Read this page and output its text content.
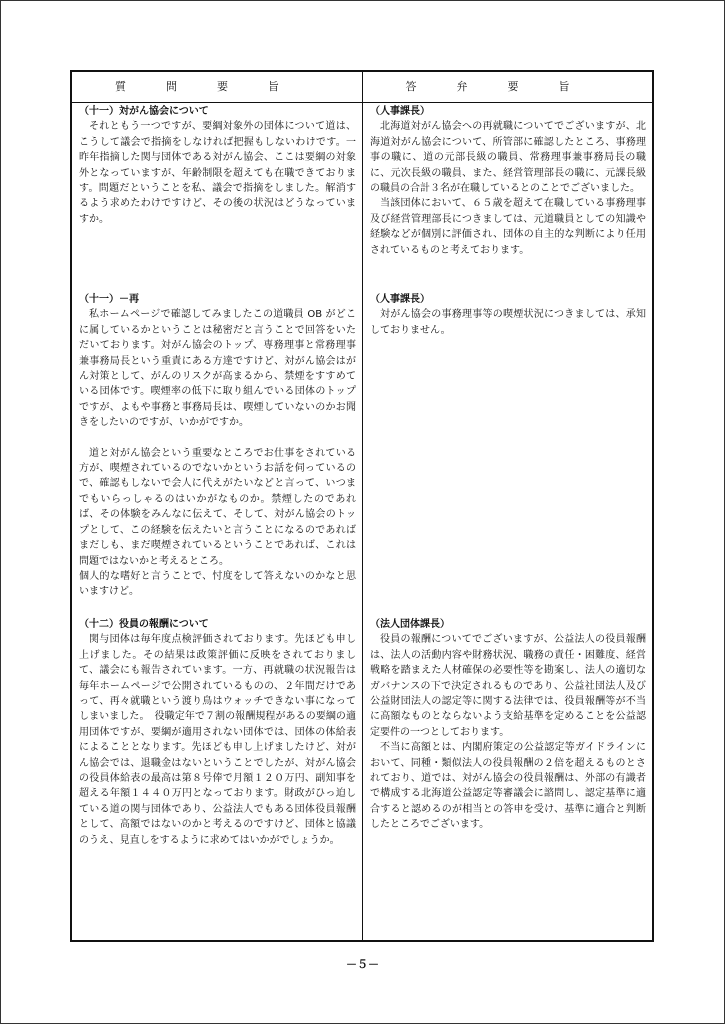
質問要旨	答弁要旨
（十一）対がん協会について

それともう一つですが、要綱対象外の団体について道は、こうして議会で指摘をしなければ把握もしないわけです。一昨年指摘した関与団体である対がん協会、ここは要綱の対象外となっていますが、年齢制限を超えても在職できております。問題だということを私、議会で指摘をしました。解消するよう求めたわけですけど、その後の状況はどうなっていますか。

（人事課長）

北海道対がん協会への再就職についてでございますが、北海道対がん協会について、所管部に確認したところ、事務理事の職に、道の元部長級の職員、常務理事兼事務局長の職に、元次長級の職員、また、経営管理部長の職に、元課長級の職員の合計３名が在職しているとのことでございました。

当該団体において、６５歳を超えて在職している事務理事及び経営管理部長につきましては、元道職員としての知識や経験などが個別に評価され、団体の自主的な判断により任用されているものと考えております。

（十一）－再

私ホームページで確認してみましたこの道職員 OB がどこに属しているかということは秘密だと言うことで回答をいただいております。対がん協会のトップ、専務理事と常務理事兼事務局長という重責にある方達ですけど、対がん協会はがん対策として、がんのリスクが高まるから、禁煙をすすめている団体です。喫煙率の低下に取り組んでいる団体のトップですが、よもや事務と事務局長は、喫煙していないのかお聞きをしたいのですが、いかがですか。

道と対がん協会という重要なところでお仕事をされている方が、喫煙されているのでないかというお話を伺っているので、確認もしないで会人に代えがたいなどと言って、いつまでもいらっしゃるのはいかがなものか。禁煙したのであれば、その体験をみんなに伝えて、そして、対がん協会のトップとして、この経験を伝えたいと言うことになるのであればまだしも、まだ喫煙されているということであれば、これは問題ではないかと考えるところ。

個人的な嗜好と言うことで、忖度をして答えないのかなと思いますけど。

（人事課長）

対がん協会の事務理事等の喫煙状況につきましては、承知しておりません。

（十二）役員の報酬について

関与団体は毎年度点検評価されております。先ほども申し上げました。その結果は政策評価に反映をされておりまして、議会にも報告されています。一方、再就職の状況報告は毎年ホームページで公開されているものの、２年間だけであって、再々就職という渡り鳥はウォッチできない事になってしまいました。　役職定年で７割の報酬規程があるの要綱の適用団体ですが、要綱が適用されない団体では、団体の体給表によることとなります。先ほども申し上げましたけど、対がん協会では、退職金はないということでしたが、対がん協会の役員体給表の最高は第８号俸で月額１２０万円、副知事を超える年額１４４０万円となっております。財政がひっ迫している道の関与団体であり、公益法人でもある団体役員報酬として、高額ではないのかと考えるのですけど、団体と協議のうえ、見直しをするように求めてはいかがでしょうか。

（法人団体課長）

役員の報酬についてでございますが、公益法人の役員報酬は、法人の活動内容や財務状況、職務の責任・困難度、経営戦略を踏まえた人材確保の必要性等を勘案し、法人の適切なガバナンスの下で決定されるものであり、公益社団法人及び公益財団法人の認定等に関する法律では、役員報酬等が不当に高額なものとならないよう支給基準を定めることを公益認定要件の一つとしております。

不当に高額とは、内閣府策定の公益認定等ガイドラインにおいて、同種・類似法人の役員報酬の２倍を超えるものとされており、道では、対がん協会の役員報酬は、外部の有識者で構成する北海道公益認定等審議会に諮問し、認定基準に適合すると認めるのが相当との答申を受け、基準に適合と判断したところでございます。

－５－
